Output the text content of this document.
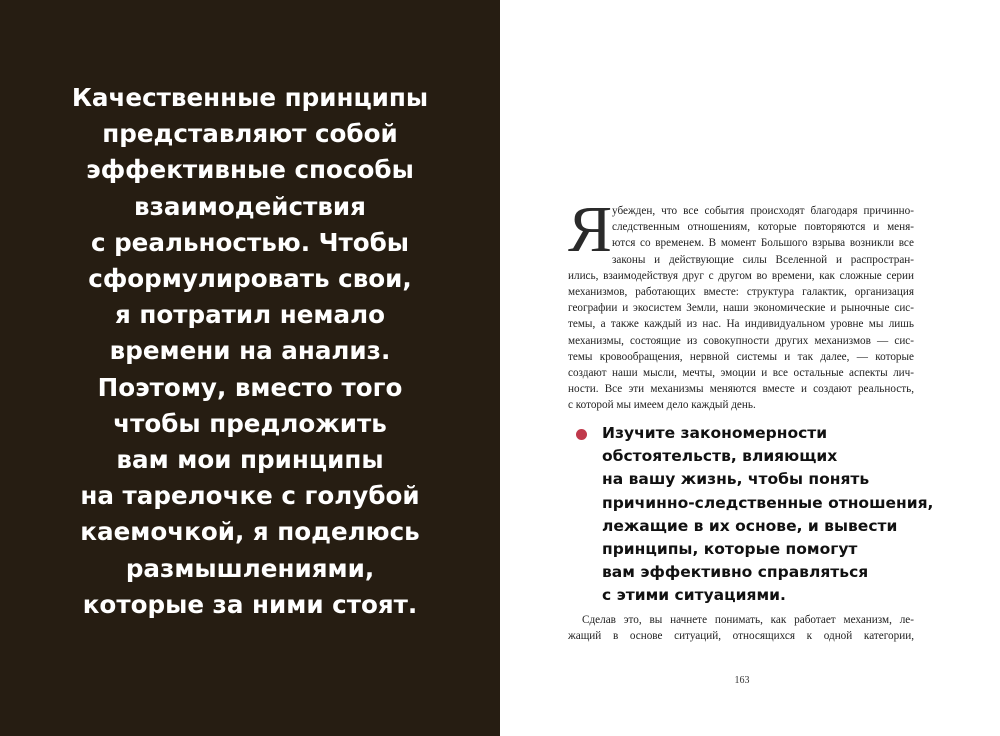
Качественные принципы
представляют собой
эффективные способы
взаимодействия
с реальностью. Чтобы
сформулировать свои,
я потратил немало
времени на анализ.
Поэтому, вместо того
чтобы предложить
вам мои принципы
на тарелочке с голубой
каемочкой, я поделюсь
размышлениями,
которые за ними стоят.
Я убежден, что все события происходят благодаря причинно-
следственным отношениям, которые повторяются и меня-
ются со временем. В момент Большого взрыва возникли все
законы и действующие силы Вселенной и распростран-
ились, взаимодействуя друг с другом во времени, как сложные серии
механизмов, работающих вместе: структура галактик, организация
географии и экосистем Земли, наши экономические и рыночные сис-
темы, а также каждый из нас. На индивидуальном уровне мы лишь
механизмы, состоящие из совокупности других механизмов — сис-
темы кровообращения, нервной системы и так далее, — которые
создают наши мысли, мечты, эмоции и все остальные аспекты лич-
ности. Все эти механизмы меняются вместе и создают реальность,
с которой мы имеем дело каждый день.
Изучите закономерности
обстоятельств, влияющих
на вашу жизнь, чтобы понять
причинно-следственные отношения,
лежащие в их основе, и вывести
принципы, которые помогут
вам эффективно справляться
с этими ситуациями.
Сделав это, вы начнете понимать, как работает механизм, ле-
жащий в основе ситуаций, относящихся к одной категории,
163
